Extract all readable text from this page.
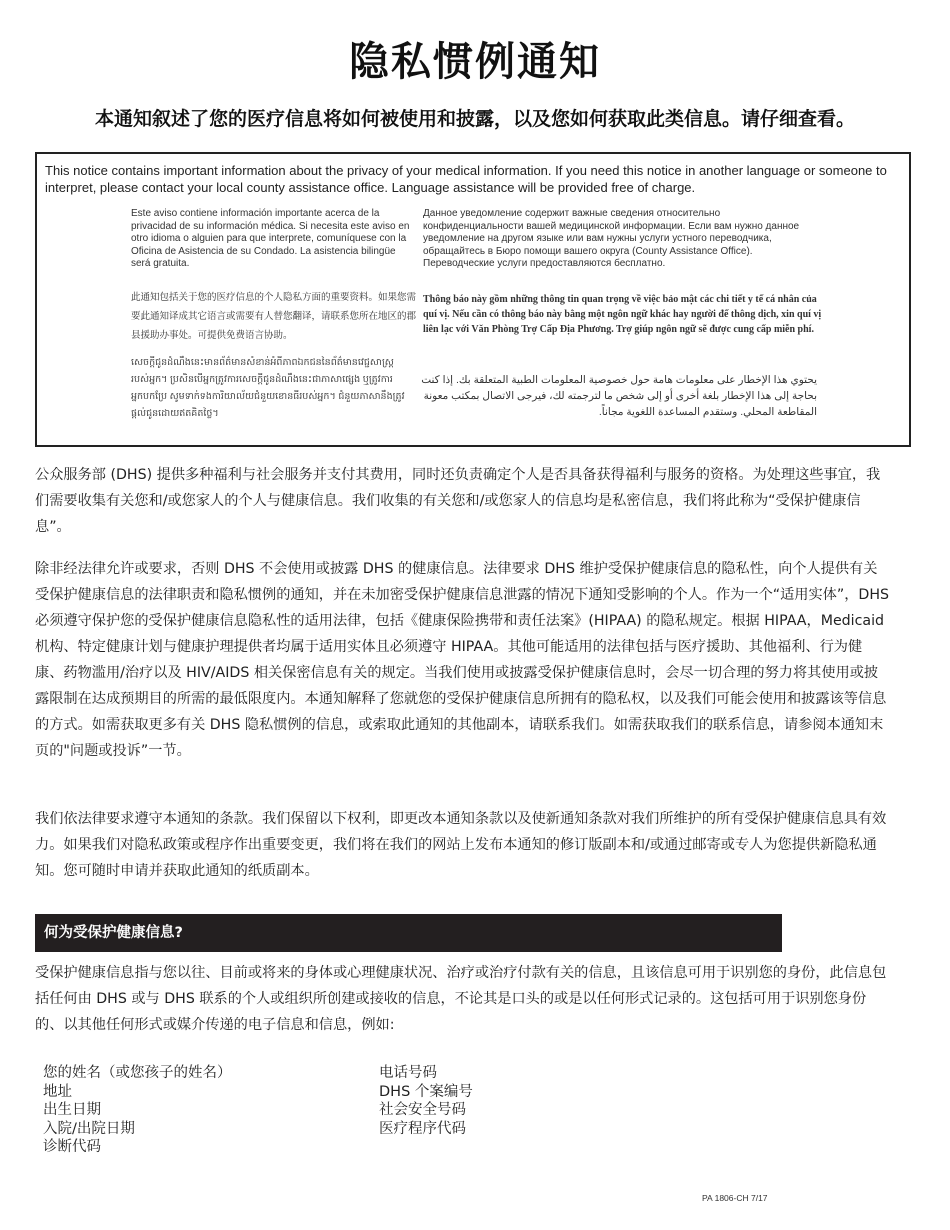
隐私惯例通知
本通知叙述了您的医疗信息将如何被使用和披露，以及您如何获取此类信息。请仔细查看。
This notice contains important information about the privacy of your medical information. If you need this notice in another language or someone to interpret, please contact your local county assistance office. Language assistance will be provided free of charge.
Este aviso contiene información importante acerca de la privacidad de su información médica. Si necesita este aviso en otro idioma o alguien para que interprete, comuníquese con la Oficina de Asistencia de su Condado. La asistencia bilingüe será gratuita.
Данное уведомление содержит важные сведения относительно конфиденциальности вашей медицинской информации. Если вам нужно данное уведомление на другом языке или вам нужны услуги устного переводчика, обращайтесь в Бюро помощи вашего округа (County Assistance Office). Переводческие услуги предоставляются бесплатно.
此通知包括关于您的医疗信息的个人隐私方面的重要资料。如果您需要此通知译成其它语言或需要有人替您翻译，请联系您所在地区的郡县援助办事处。可提供免费语言协助。
Thông báo này gồm những thông tin quan trọng về việc bảo mật các chi tiết y tế cá nhân của quí vị. Nếu cần có thông báo này bằng một ngôn ngữ khác hay người để thông dịch, xin quí vị liên lạc với Văn Phòng Trợ Cấp Địa Phương. Trợ giúp ngôn ngữ sẽ được cung cấp miễn phí.
សេចក្តីជូនដំណឹងនេះមានព័ត៌មានសំខាន់អំពីភាពឯកជននៃព័ត៌មានវេជ្ជសាស្ត្ររបស់អ្នក។ ប្រសិនបើអ្នកត្រូវការសេចក្តីជូនដំណឹងនេះជាភាសាផ្សេង ឬត្រូវការអ្នកបកប្រែ សូមទាក់ទងការិយាល័យជំនួយខោនធីរបស់អ្នក។ ជំនួយភាសានឹងត្រូវផ្តល់ជូនដោយឥតគិតថ្លៃ។
يحتوي هذا الإخطار على معلومات هامة حول خصوصية المعلومات الطبية المتعلقة بك. إذا كنت بحاجة إلى هذا الإخطار بلغة أخرى أو إلى شخص ما لترجمته لك، فيرجى الاتصال بمكتب معونة المقاطعة المحلي. وستقدم المساعدة اللغوية مجاناً.
公众服务部 (DHS) 提供多种福利与社会服务并支付其费用，同时还负责确定个人是否具备获得福利与服务的资格。为处理这些事宜，我们需要收集有关您和/或您家人的个人与健康信息。我们收集的有关您和/或您家人的信息均是私密信息，我们将此称为“受保护健康信息”。
除非经法律允许或要求，否则 DHS 不会使用或披露 DHS 的健康信息。法律要求 DHS 维护受保护健康信息的隐私性，向个人提供有关受保护健康信息的法律职责和隐私惯例的通知，并在未加密受保护健康信息泄露的情况下通知受影响的个人。作为一个“适用实体”，DHS 必须遵守保护您的受保护健康信息隐私性的适用法律，包括《健康保险携带和责任法案》(HIPAA) 的隐私规定。根据 HIPAA，Medicaid 机构、特定健康计划与健康护理提供者均属于适用实体且必须遵守 HIPAA。其他可能适用的法律包括与医疗援助、其他福利、行为健康、药物滥用/治疗以及 HIV/AIDS 相关保密信息有关的规定。当我们使用或披露受保护健康信息时，会尽一切合理的努力将其使用或披露限制在达成预期目的所需的最低限度内。本通知解释了您就您的受保护健康信息所拥有的隐私权，以及我们可能会使用和披露该等信息的方式。如需获取更多有关 DHS 隐私惯例的信息，或索取此通知的其他副本，请联系我们。如需获取我们的联系信息，请参阅本通知末页的"问题或投诉”一节。
我们依法律要求遵守本通知的条款。我们保留以下权利，即更改本通知条款以及使新通知条款对我们所维护的所有受保护健康信息具有效力。如果我们对隐私政策或程序作出重要变更，我们将在我们的网站上发布本通知的修订版副本和/或通过邮寄或专人为您提供新隐私通知。您可随时申请并获取此通知的纸质副本。
何为受保护健康信息?
受保护健康信息指与您以往、目前或将来的身体或心理健康状况、治疗或治疗付款有关的信息，且该信息可用于识别您的身份，此信息包括任何由 DHS 或与 DHS 联系的个人或组织所创建或接收的信息，不论其是口头的或是以任何形式记录的。这包括可用于识别您身份的、以其他任何形式或媒介传递的电子信息和信息，例如:
您的姓名（或您孩子的姓名）
地址
出生日期
入院/出院日期
诊断代码
电话号码
DHS 个案编号
社会安全号码
医疗程序代码
PA 1806-CH 7/17
